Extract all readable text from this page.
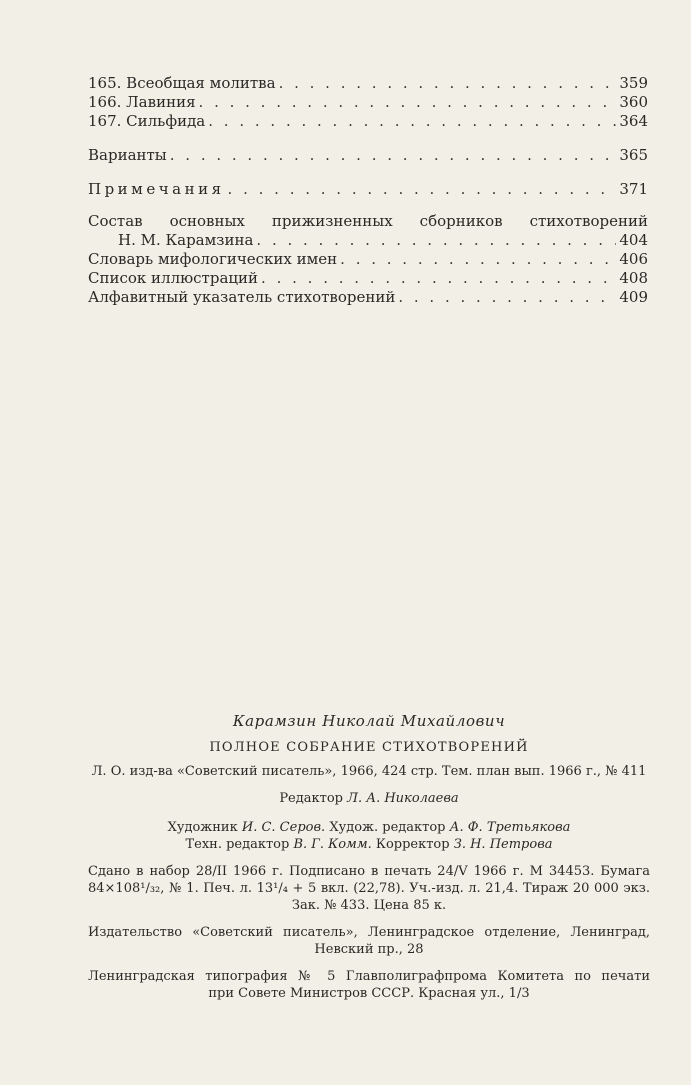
165. Всеобщая молитва . . .	359
166. Лавиния . . .	360
167. Сильфида . . .	364
Варианты . . .	365
Примечания . . .	371
Состав основных прижизненных сборников стихотворений
Н. М. Карамзина . . .	404
Словарь мифологических имен . . .	406
Список иллюстраций . . .	408
Алфавитный указатель стихотворений . . .	409
Карамзин Николай Михайлович
ПОЛНОЕ СОБРАНИЕ СТИХОТВОРЕНИЙ
Л. О. изд-ва «Советский писатель», 1966, 424 стр. Тем. план вып. 1966 г., № 411
Редактор Л. А. Николаева
Художник И. С. Серов. Худож. редактор А. Ф. Третьякова
Техн. редактор В. Г. Комм. Корректор З. Н. Петрова
Сдано в набор 28/II 1966 г. Подписано в печать 24/V 1966 г. М 34453. Бумага
84×108¹/₃₂, № 1. Печ. л. 13¹/₄ + 5 вкл. (22,78). Уч.-изд. л. 21,4. Тираж 20 000 экз.
Зак. № 433. Цена 85 к.
Издательство «Советский писатель», Ленинградское отделение, Ленинград,
Невский пр., 28
Ленинградская типография № 5 Главполиграфпрома Комитета по печати
при Совете Министров СССР. Красная ул., 1/3
